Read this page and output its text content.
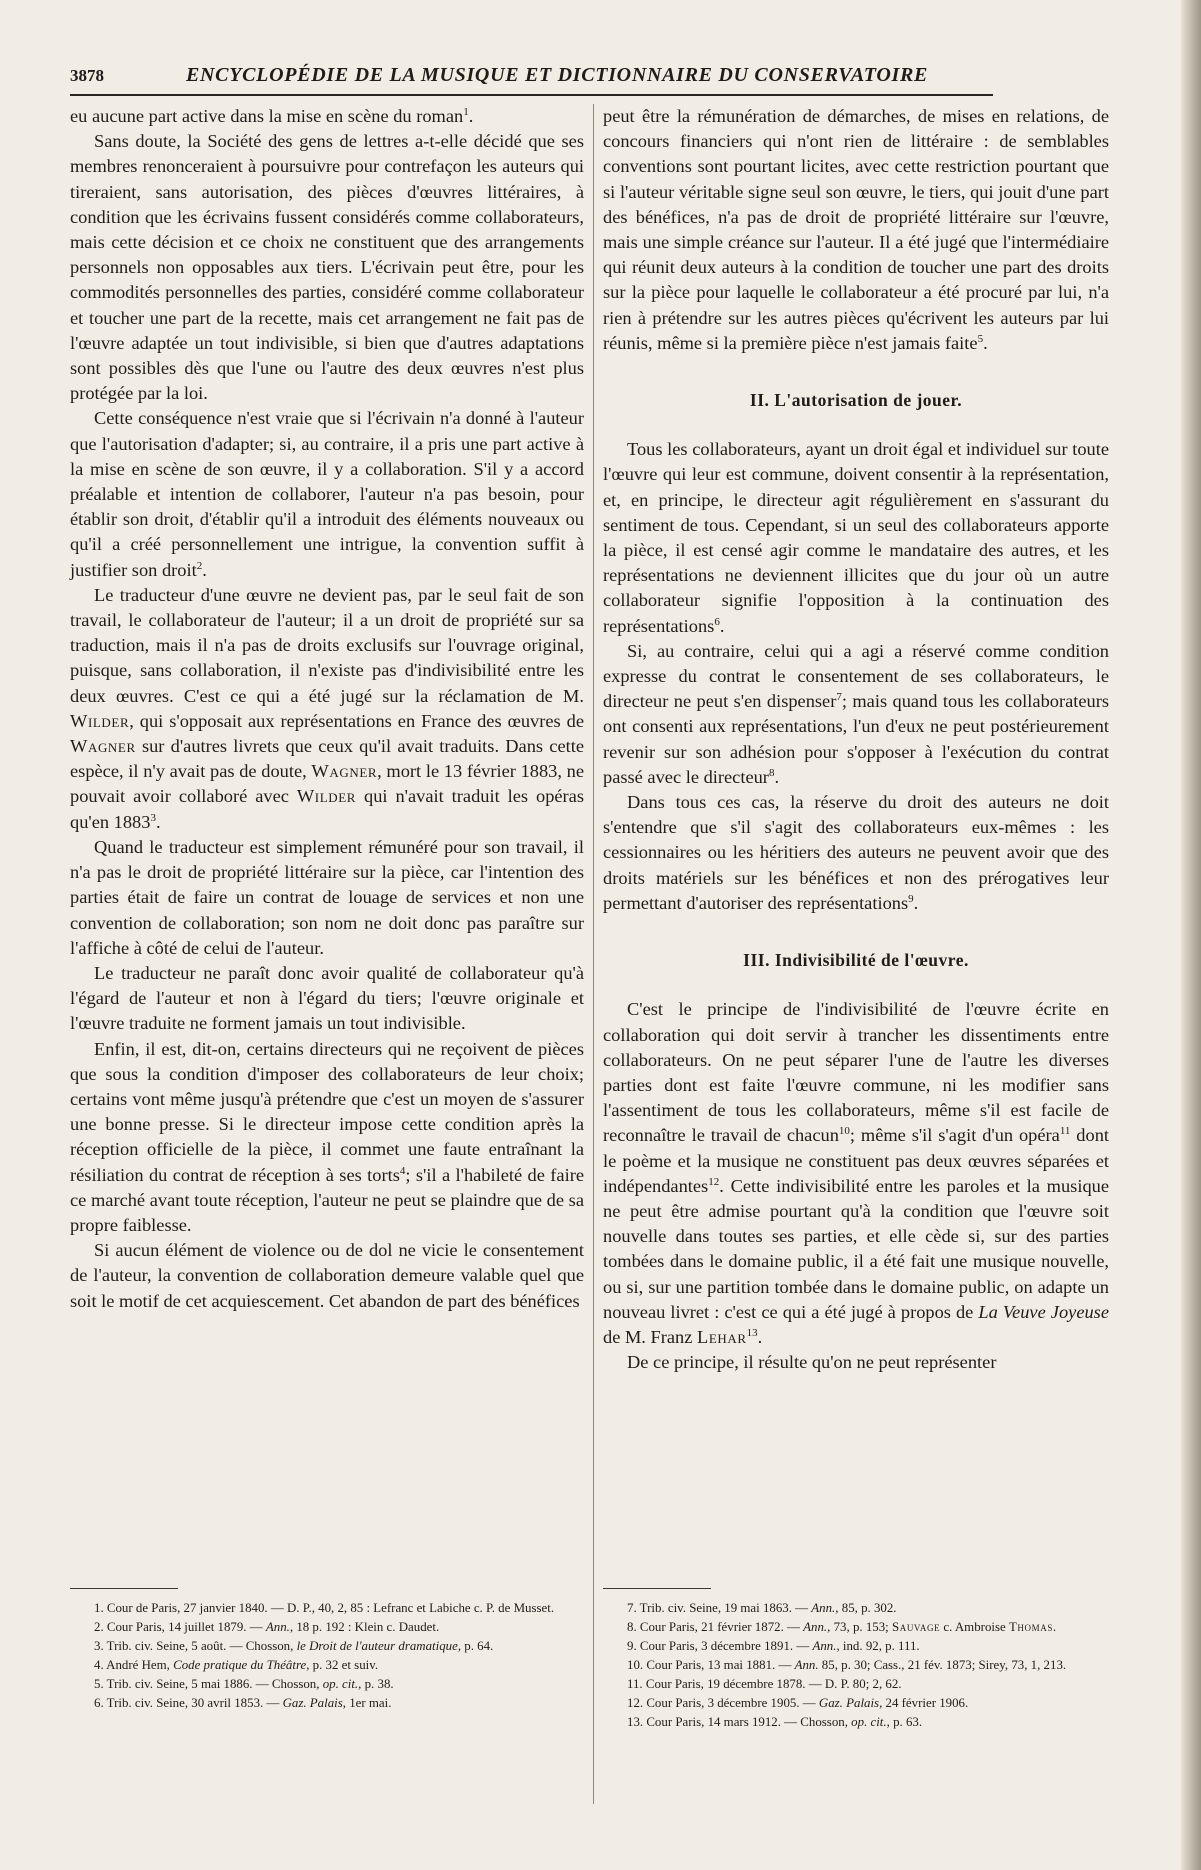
3878	ENCYCLOPÉDIE DE LA MUSIQUE ET DICTIONNAIRE DU CONSERVATOIRE

eu aucune part active dans la mise en scène du roman$^1$.

Sans doute, la Société des gens de lettres a-t-elle décidé que ses membres renonceraient à poursuivre pour contrefaçon les auteurs qui tireraient, sans autorisation, des pièces d'œuvres littéraires, à condition que les écrivains fussent considérés comme collaborateurs, mais cette décision et ce choix ne constituent que des arrangements personnels non opposables aux tiers. L'écrivain peut être, pour les commodités personnelles des parties, considéré comme collaborateur et toucher une part de la recette, mais cet arrangement ne fait pas de l'œuvre adaptée un tout indivisible, si bien que d'autres adaptations sont possibles dès que l'une ou l'autre des deux œuvres n'est plus protégée par la loi.

Cette conséquence n'est vraie que si l'écrivain n'a donné à l'auteur que l'autorisation d'adapter; si, au contraire, il a pris une part active à la mise en scène de son œuvre, il y a collaboration. S'il y a accord préalable et intention de collaborer, l'auteur n'a pas besoin, pour établir son droit, d'établir qu'il a introduit des éléments nouveaux ou qu'il a créé personnellement une intrigue, la convention suffit à justifier son droit$^2$.

Le traducteur d'une œuvre ne devient pas, par le seul fait de son travail, le collaborateur de l'auteur; il a un droit de propriété sur sa traduction, mais il n'a pas de droits exclusifs sur l'ouvrage original, puisque, sans collaboration, il n'existe pas d'indivisibilité entre les deux œuvres. C'est ce qui a été jugé sur la réclamation de M. Wilder, qui s'opposait aux représentations en France des œuvres de Wagner sur d'autres livrets que ceux qu'il avait traduits. Dans cette espèce, il n'y avait pas de doute, Wagner, mort le 13 février 1883, ne pouvait avoir collaboré avec Wilder qui n'avait traduit les opéras qu'en 1883$^3$.

Quand le traducteur est simplement rémunéré pour son travail, il n'a pas le droit de propriété littéraire sur la pièce, car l'intention des parties était de faire un contrat de louage de services et non une convention de collaboration; son nom ne doit donc pas paraître sur l'affiche à côté de celui de l'auteur.

Le traducteur ne paraît donc avoir qualité de collaborateur qu'à l'égard de l'auteur et non à l'égard du tiers; l'œuvre originale et l'œuvre traduite ne forment jamais un tout indivisible.

Enfin, il est, dit-on, certains directeurs qui ne reçoivent de pièces que sous la condition d'imposer des collaborateurs de leur choix; certains vont même jusqu'à prétendre que c'est un moyen de s'assurer une bonne presse. Si le directeur impose cette condition après la réception officielle de la pièce, il commet une faute entraînant la résiliation du contrat de réception à ses torts$^4$; s'il a l'habileté de faire ce marché avant toute réception, l'auteur ne peut se plaindre que de sa propre faiblesse.

Si aucun élément de violence ou de dol ne vicie le consentement de l'auteur, la convention de collaboration demeure valable quel que soit le motif de cet acquiescement. Cet abandon de part des bénéfices

peut être la rémunération de démarches, de mises en relations, de concours financiers qui n'ont rien de littéraire : de semblables conventions sont pourtant licites, avec cette restriction pourtant que si l'auteur véritable signe seul son œuvre, le tiers, qui jouit d'une part des bénéfices, n'a pas de droit de propriété littéraire sur l'œuvre, mais une simple créance sur l'auteur. Il a été jugé que l'intermédiaire qui réunit deux auteurs à la condition de toucher une part des droits sur la pièce pour laquelle le collaborateur a été procuré par lui, n'a rien à prétendre sur les autres pièces qu'écrivent les auteurs par lui réunis, même si la première pièce n'est jamais faite$^5$.

II. L'autorisation de jouer.

Tous les collaborateurs, ayant un droit égal et individuel sur toute l'œuvre qui leur est commune, doivent consentir à la représentation, et, en principe, le directeur agit régulièrement en s'assurant du sentiment de tous. Cependant, si un seul des collaborateurs apporte la pièce, il est censé agir comme le mandataire des autres, et les représentations ne deviennent illicites que du jour où un autre collaborateur signifie l'opposition à la continuation des représentations$^6$.

Si, au contraire, celui qui a agi a réservé comme condition expresse du contrat le consentement de ses collaborateurs, le directeur ne peut s'en dispenser$^7$; mais quand tous les collaborateurs ont consenti aux représentations, l'un d'eux ne peut postérieurement revenir sur son adhésion pour s'opposer à l'exécution du contrat passé avec le directeur$^8$.

Dans tous ces cas, la réserve du droit des auteurs ne doit s'entendre que s'il s'agit des collaborateurs eux-mêmes : les cessionnaires ou les héritiers des auteurs ne peuvent avoir que des droits matériels sur les bénéfices et non des prérogatives leur permettant d'autoriser des représentations$^9$.

III. Indivisibilité de l'œuvre.

C'est le principe de l'indivisibilité de l'œuvre écrite en collaboration qui doit servir à trancher les dissentiments entre collaborateurs. On ne peut séparer l'une de l'autre les diverses parties dont est faite l'œuvre commune, ni les modifier sans l'assentiment de tous les collaborateurs, même s'il est facile de reconnaître le travail de chacun$^{10}$; même s'il s'agit d'un opéra$^{11}$ dont le poème et la musique ne constituent pas deux œuvres séparées et indépendantes$^{12}$. Cette indivisibilité entre les paroles et la musique ne peut être admise pourtant qu'à la condition que l'œuvre soit nouvelle dans toutes ses parties, et elle cède si, sur des parties tombées dans le domaine public, il a été fait une musique nouvelle, ou si, sur une partition tombée dans le domaine public, on adapte un nouveau livret : c'est ce qui a été jugé à propos de La Veuve Joyeuse de M. Franz Lehar$^{13}$.

De ce principe, il résulte qu'on ne peut représenter

1. Cour de Paris, 27 janvier 1840. — D. P., 40, 2, 85 : Lefranc et Labiche c. P. de Musset.

2. Cour Paris, 14 juillet 1879. — Ann., 18 p. 192 : Klein c. Daudet.

3. Trib. civ. Seine, 5 août. — Chosson, le Droit de l'auteur dramatique, p. 64.

4. André Hem, Code pratique du Théâtre, p. 32 et suiv.

5. Trib. civ. Seine, 5 mai 1886. — Chosson, op. cit., p. 38.

6. Trib. civ. Seine, 30 avril 1853. — Gaz. Palais, 1er mai.

7. Trib. civ. Seine, 19 mai 1863. — Ann., 85, p. 302.

8. Cour Paris, 21 février 1872. — Ann., 73, p. 153; Sauvage c. Ambroise Thomas.

9. Cour Paris, 3 décembre 1891. — Ann., ind. 92, p. 111.

10. Cour Paris, 13 mai 1881. — Ann. 85, p. 30; Cass., 21 fév. 1873; Sirey, 73, 1, 213.

11. Cour Paris, 19 décembre 1878. — D. P. 80; 2, 62.

12. Cour Paris, 3 décembre 1905. — Gaz. Palais, 24 février 1906.

13. Cour Paris, 14 mars 1912. — Chosson, op. cit., p. 63.
